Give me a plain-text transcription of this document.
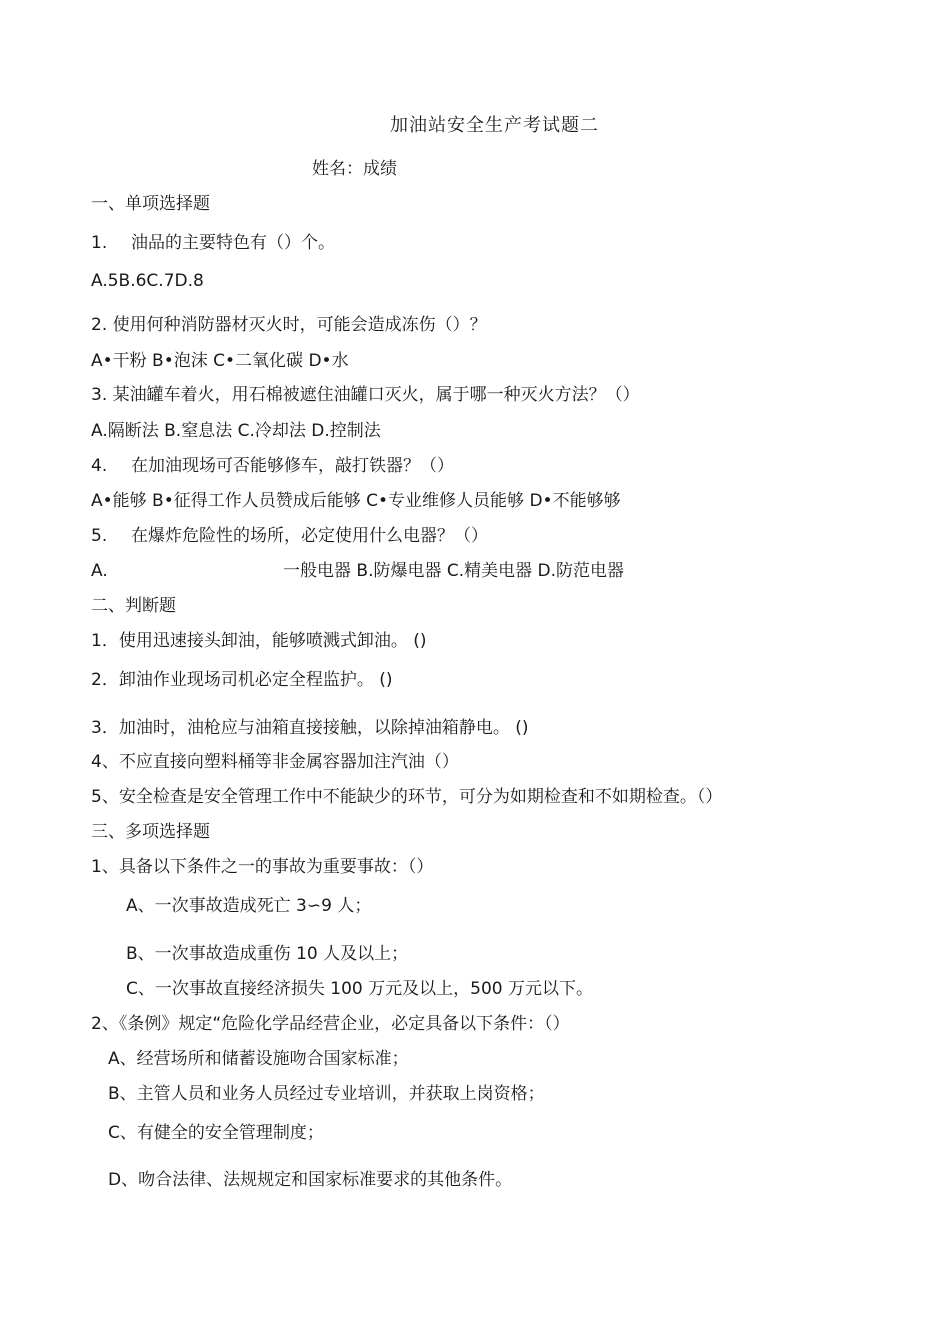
加油站安全生产考试题二
姓名：成绩
一、单项选择题
1. 油品的主要特色有（）个。
A.5B.6C.7D.8
2. 使用何种消防器材灭火时，可能会造成冻伤（）？
A•干粉 B•泡沫 C•二氧化碳 D•水
3. 某油罐车着火，用石棉被遮住油罐口灭火，属于哪一种灭火方法？（）
A.隔断法 B.窒息法 C.冷却法 D.控制法
4. 在加油现场可否能够修车，敲打铁器？（）
A•能够 B•征得工作人员赞成后能够 C•专业维修人员能够 D•不能够够
5. 在爆炸危险性的场所，必定使用什么电器？（）
A.	一般电器 B.防爆电器 C.精美电器 D.防范电器
二、判断题
1．使用迅速接头卸油，能够喷溅式卸油。 ()
2．卸油作业现场司机必定全程监护。 ()
3．加油时，油枪应与油箱直接接触，以除掉油箱静电。 ()
4、不应直接向塑料桶等非金属容器加注汽油（）
5、安全检查是安全管理工作中不能缺少的环节，可分为如期检查和不如期检查。（）
三、多项选择题
1、具备以下条件之一的事故为重要事故：（）
A、一次事故造成死亡 3∽9 人；
B、一次事故造成重伤 10 人及以上；
C、一次事故直接经济损失 100 万元及以上，500 万元以下。
2、《条例》规定“危险化学品经营企业，必定具备以下条件：（）
A、经营场所和储蓄设施吻合国家标准；
B、主管人员和业务人员经过专业培训，并获取上岗资格；
C、有健全的安全管理制度；
D、吻合法律、法规规定和国家标准要求的其他条件。
